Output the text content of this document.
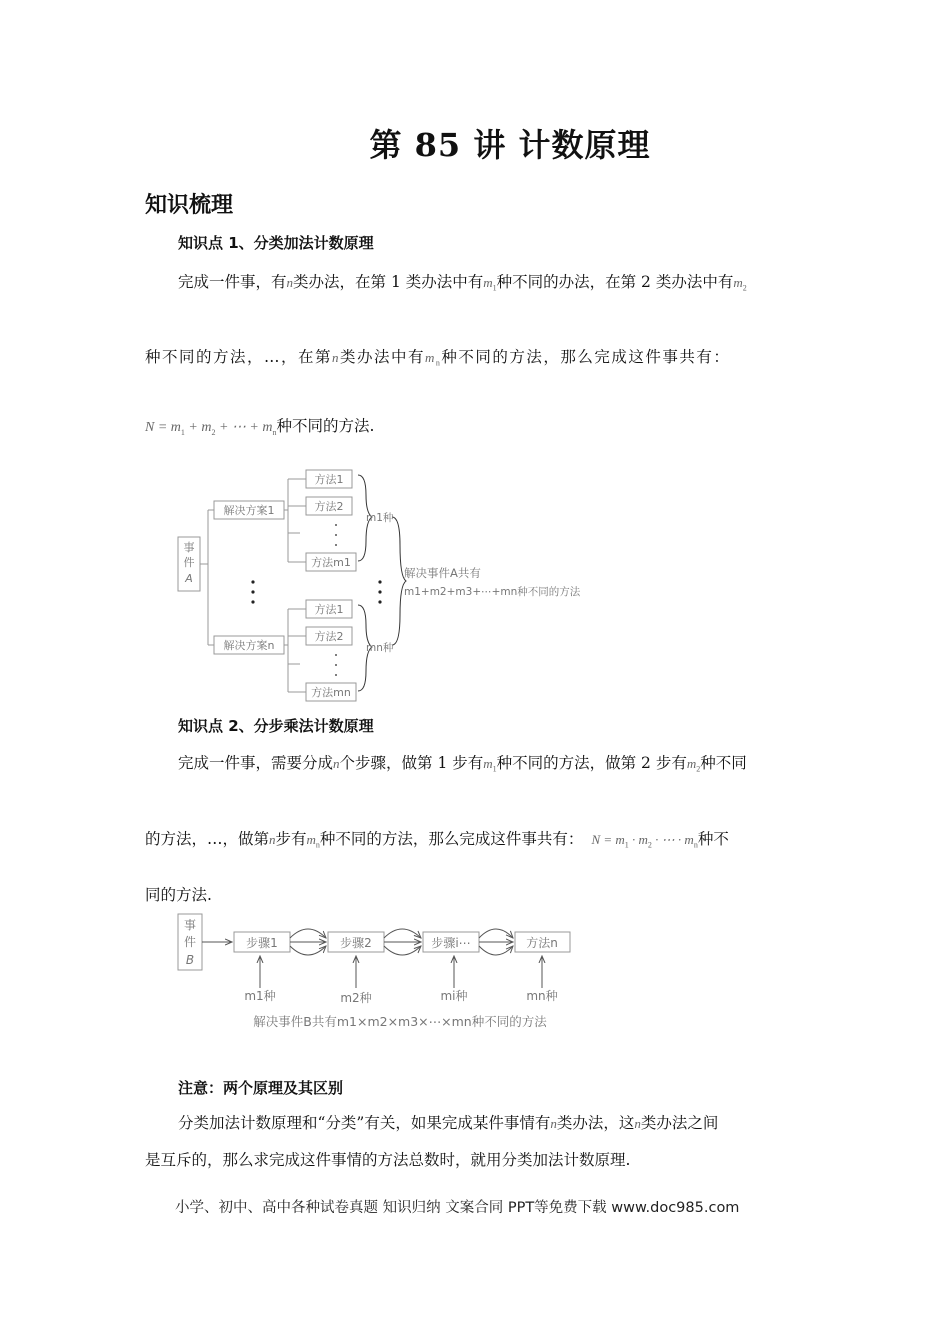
第 85 讲 计数原理
知识梳理
知识点 1、分类加法计数原理
完成一件事，有n类办法，在第 1 类办法中有$m_1$种不同的办法，在第 2 类办法中有$m_2$
种不同的方法，…，在第n类办法中有$m_n$种不同的方法，那么完成这件事共有：
$N = m_1 + m_2$ + ⋯ + $m_n$种不同的方法.
事
件
A
解决方案1
解决方案n
方法1
方法2
方法m1
方法1
方法2
方法mn
m1种
mn种
解决事件A共有
m1+m2+m3+⋯+mn种不同的方法
知识点 2、分步乘法计数原理
完成一件事，需要分成n个步骤，做第 1 步有$m_1$种不同的方法，做第 2 步有$m_2$种不同
的方法，…，做第n步有$m_n$种不同的方法，那么完成这件事共有： $N = m_1 \cdot m_2$ · ⋯ · $m_n$种不
同的方法.
事
件
B
步骤1	步骤2	步骤i⋯	方法n
m1种	m2种	mi种	mn种
解决事件B共有m1×m2×m3×⋯×mn种不同的方法
注意：两个原理及其区别
分类加法计数原理和“分类”有关，如果完成某件事情有n类办法，这n类办法之间
是互斥的，那么求完成这件事情的方法总数时，就用分类加法计数原理.
小学、初中、高中各种试卷真题 知识归纳 文案合同 PPT等免费下载 www.doc985.com
